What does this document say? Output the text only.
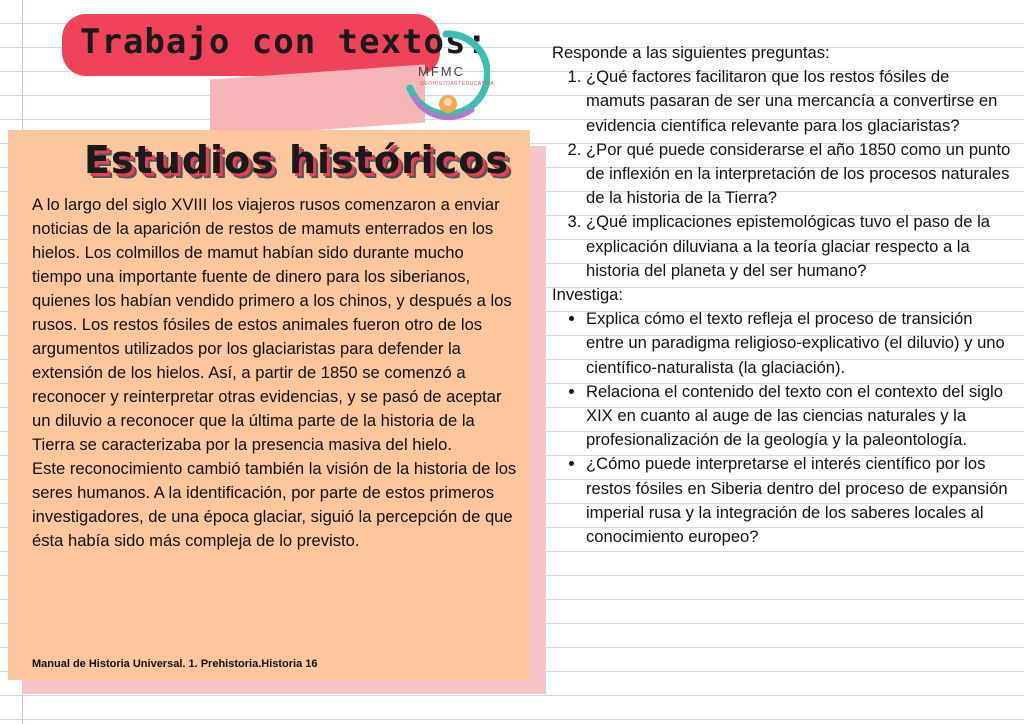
Trabajo con textos:
MFMC
GEOHISTOARTEDUCATIVA
Estudios históricos

A lo largo del siglo XVIII los viajeros rusos comenzaron a enviar noticias de la aparición de restos de mamuts enterrados en los hielos. Los colmillos de mamut habían sido durante mucho tiempo una importante fuente de dinero para los siberianos, quienes los habían vendido primero a los chinos, y después a los rusos. Los restos fósiles de estos animales fueron otro de los argumentos utilizados por los glaciaristas para defender la extensión de los hielos. Así, a partir de 1850 se comenzó a reconocer y reinterpretar otras evidencias, y se pasó de aceptar un diluvio a reconocer que la última parte de la historia de la Tierra se caracterizaba por la presencia masiva del hielo.

Este reconocimiento cambió también la visión de la historia de los seres humanos. A la identificación, por parte de estos primeros investigadores, de una época glaciar, siguió la percepción de que ésta había sido más compleja de lo previsto.

Manual de Historia Universal. 1. Prehistoria.Historia 16

Responde a las siguientes preguntas:

1. ¿Qué factores facilitaron que los restos fósiles de mamuts pasaran de ser una mercancía a convertirse en evidencia científica relevante para los glaciaristas?
2. ¿Por qué puede considerarse el año 1850 como un punto de inflexión en la interpretación de los procesos naturales de la historia de la Tierra?
3. ¿Qué implicaciones epistemológicas tuvo el paso de la explicación diluviana a la teoría glaciar respecto a la historia del planeta y del ser humano?

Investiga:

• Explica cómo el texto refleja el proceso de transición entre un paradigma religioso-explicativo (el diluvio) y uno científico-naturalista (la glaciación).
• Relaciona el contenido del texto con el contexto del siglo XIX en cuanto al auge de las ciencias naturales y la profesionalización de la geología y la paleontología.
• ¿Cómo puede interpretarse el interés científico por los restos fósiles en Siberia dentro del proceso de expansión imperial rusa y la integración de los saberes locales al conocimiento europeo?
